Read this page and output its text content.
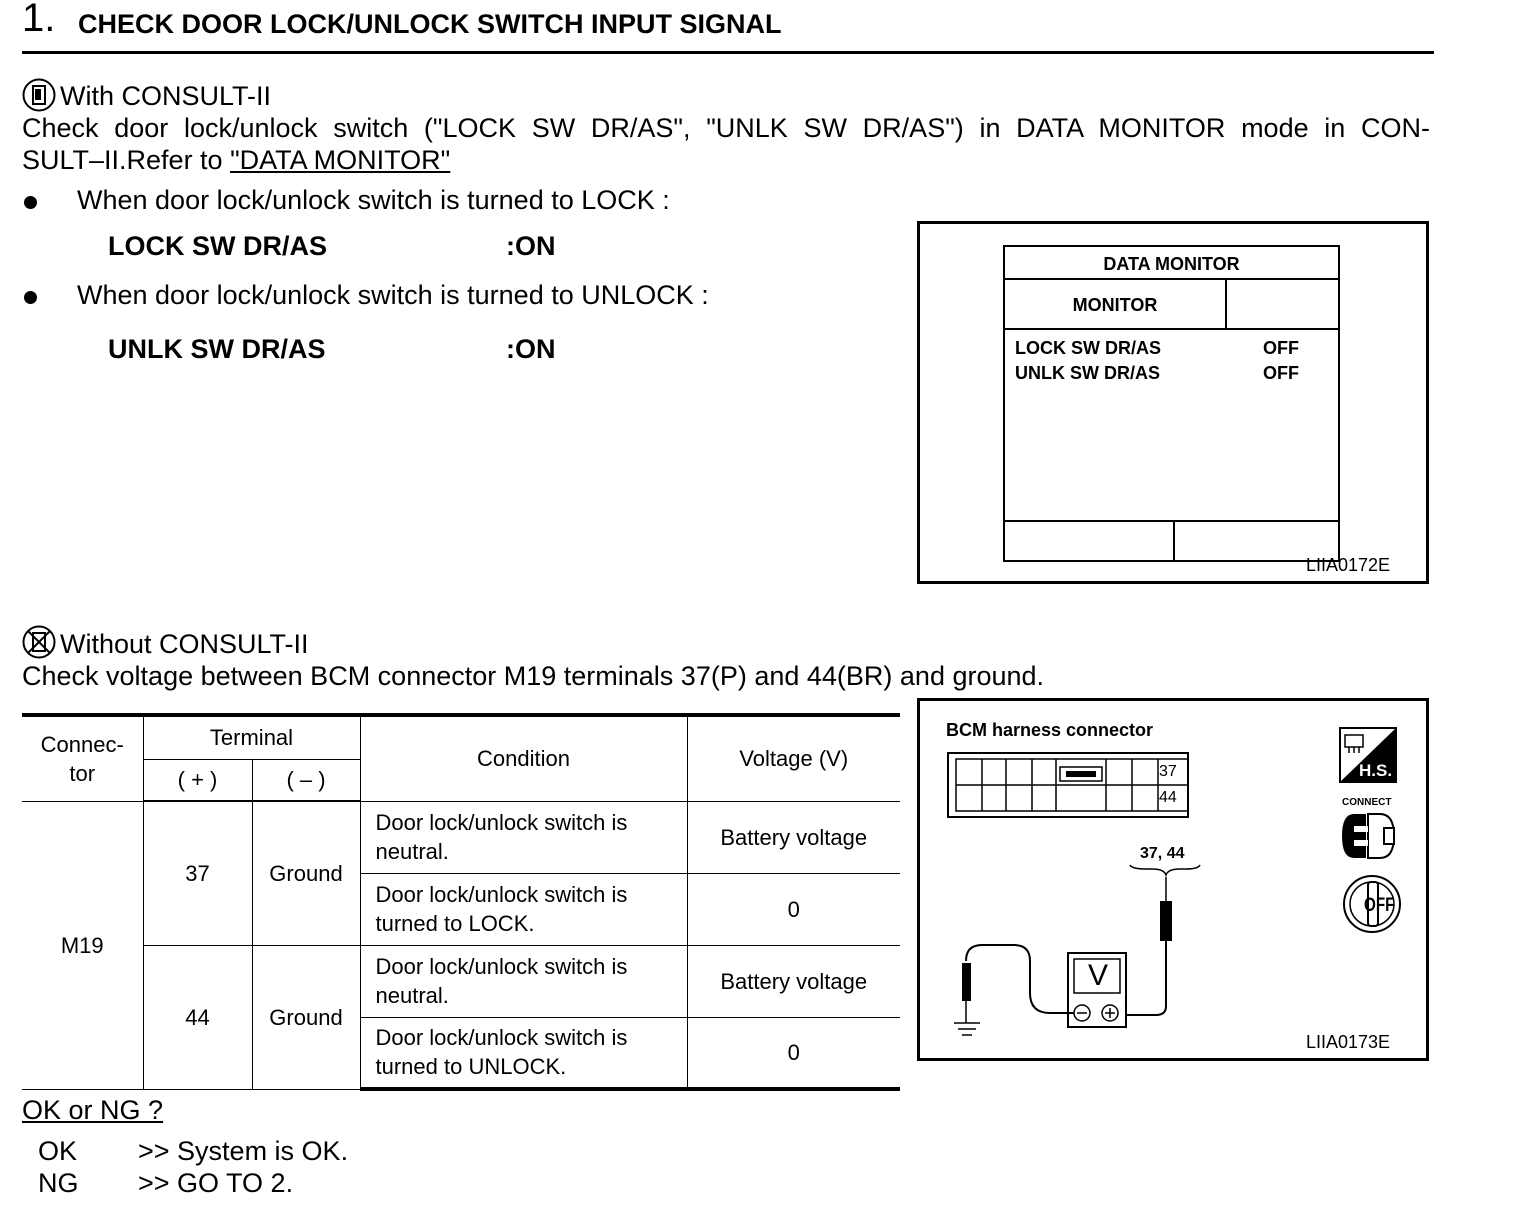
1. CHECK DOOR LOCK/UNLOCK SWITCH INPUT SIGNAL
With CONSULT-II
Check door lock/unlock switch ("LOCK SW DR/AS", "UNLK SW DR/AS") in DATA MONITOR mode in CON-
SULT–II.Refer to "DATA MONITOR"
When door lock/unlock switch is turned to LOCK :
LOCK SW DR/AS	:ON
When door lock/unlock switch is turned to UNLOCK :
UNLK SW DR/AS	:ON
DATA MONITOR
MONITOR
LOCK SW DR/AS	OFF
UNLK SW DR/AS	OFF
LIIA0172E
Without CONSULT-II
Check voltage between BCM connector M19 terminals 37(P) and 44(BR) and ground.
Connec-
tor	Terminal		Condition	Voltage (V)
	( + )	( – )		
M19	37	Ground	Door lock/unlock switch is
neutral.	Battery voltage
			Door lock/unlock switch is
turned to LOCK.	0
	44	Ground	Door lock/unlock switch is
neutral.	Battery voltage
			Door lock/unlock switch is
turned to UNLOCK.	0
BCM harness connector
37
44
37, 44
V
H.S.
CONNECT
OFF
LIIA0173E
OK or NG ?
OK >> System is OK.
NG >> GO TO 2.
